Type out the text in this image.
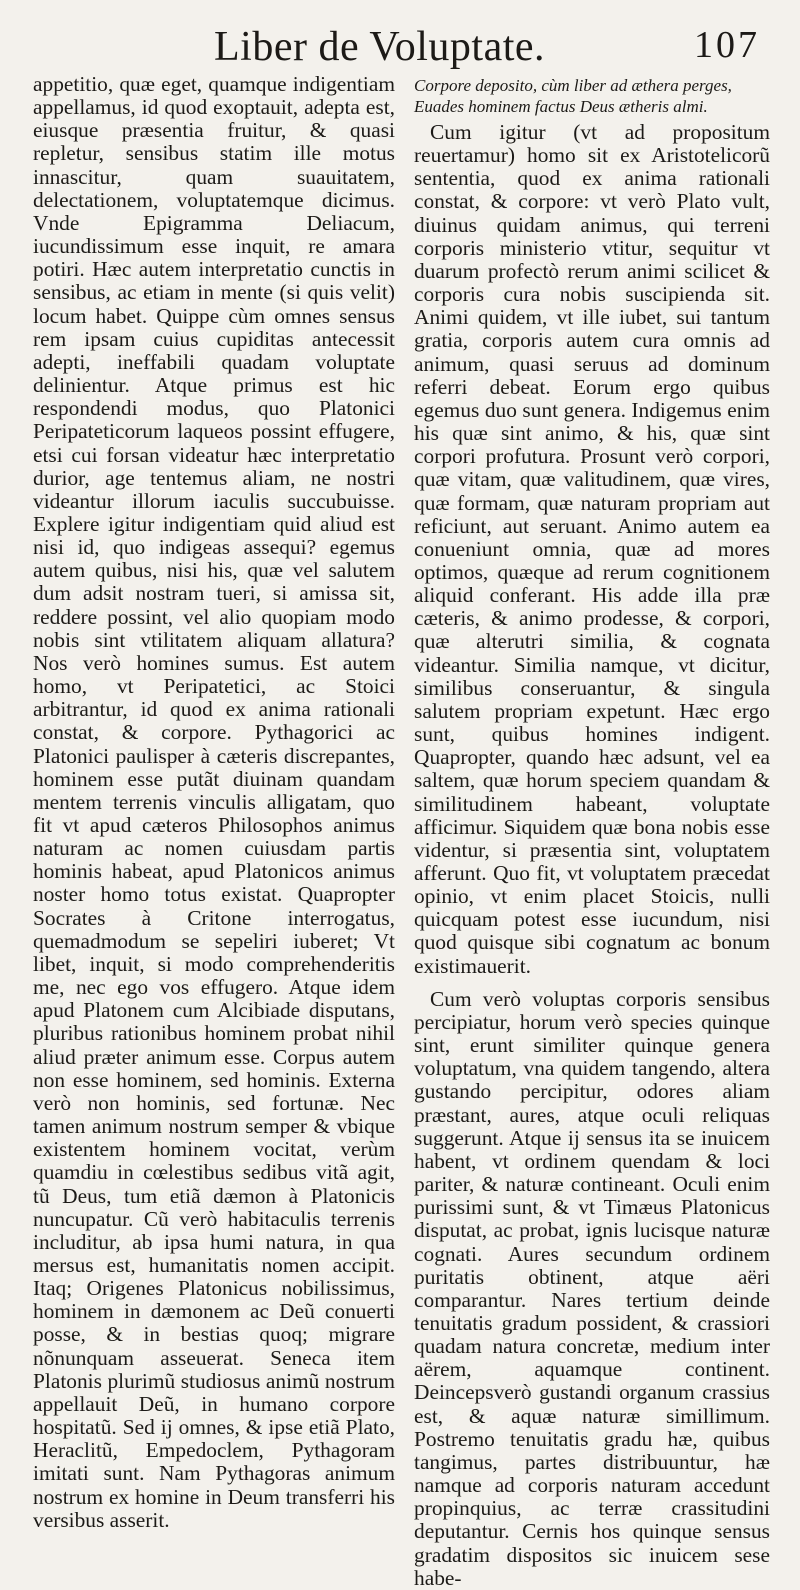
Liber de Voluptate.	107

appetitio, quæ eget, quamque indigentiam appellamus, id quod exoptauit, adepta est, eiusque præsentia fruitur, & quasi repletur, sensibus statim ille motus innascitur, quam suauitatem, delectationem, voluptatemque dicimus. Vnde Epigramma Deliacum, iucundissimum esse inquit, re amara potiri. Hæc autem interpretatio cunctis in sensibus, ac etiam in mente (si quis velit) locum habet. Quippe cùm omnes sensus rem ipsam cuius cupiditas antecessit adepti, ineffabili quadam voluptate delinientur. Atque primus est hic respondendi modus, quo Platonici Peripateticorum laqueos possint effugere, etsi cui forsan videatur hæc interpretatio durior, age tentemus aliam, ne nostri videantur illorum iaculis succubuisse. Explere igitur indigentiam quid aliud est nisi id, quo indigeas assequi? egemus autem quibus, nisi his, quæ vel salutem dum adsit nostram tueri, si amissa sit, reddere possint, vel alio quopiam modo nobis sint vtilitatem aliquam allatura? Nos verò homines sumus. Est autem homo, vt Peripatetici, ac Stoici arbitrantur, id quod ex anima rationali constat, & corpore. Pythagorici ac Platonici paulisper à cæteris discrepantes, hominem esse putãt diuinam quandam mentem terrenis vinculis alligatam, quo fit vt apud cæteros Philosophos animus naturam ac nomen cuiusdam partis hominis habeat, apud Platonicos animus noster homo totus existat. Quapropter Socrates à Critone interrogatus, quemadmodum se sepeliri iuberet; Vt libet, inquit, si modo comprehenderitis me, nec ego vos effugero. Atque idem apud Platonem cum Alcibiade disputans, pluribus rationibus hominem probat nihil aliud præter animum esse. Corpus autem non esse hominem, sed hominis. Externa verò non hominis, sed fortunæ. Nec tamen animum nostrum semper & vbique existentem hominem vocitat, verùm quamdiu in cœlestibus sedibus vitã agit, tũ Deus, tum etiã dæmon à Platonicis nuncupatur. Cũ verò habitaculis terrenis includitur, ab ipsa humi natura, in qua mersus est, humanitatis nomen accipit. Itaq; Origenes Platonicus nobilissimus, hominem in dæmonem ac Deũ conuerti posse, & in bestias quoq; migrare nõnunquam asseuerat. Seneca item Platonis plurimũ studiosus animũ nostrum appellauit Deũ, in humano corpore hospitatũ. Sed ij omnes, & ipse etiã Plato, Heraclitũ, Empedoclem, Pythagoram imitati sunt. Nam Pythagoras animum nostrum ex homine in Deum transferri his versibus asserit.

Corpore deposito, cùm liber ad æthera perges,

Euades hominem factus Deus ætheris almi.

Cum igitur (vt ad propositum reuertamur) homo sit ex Aristotelicorũ sententia, quod ex anima rationali constat, & corpore: vt verò Plato vult, diuinus quidam animus, qui terreni corporis ministerio vtitur, sequitur vt duarum profectò rerum animi scilicet & corporis cura nobis suscipienda sit. Animi quidem, vt ille iubet, sui tantum gratia, corporis autem cura omnis ad animum, quasi seruus ad dominum referri debeat. Eorum ergo quibus egemus duo sunt genera. Indigemus enim his quæ sint animo, & his, quæ sint corpori profutura. Prosunt verò corpori, quæ vitam, quæ valitudinem, quæ vires, quæ formam, quæ naturam propriam aut reficiunt, aut seruant. Animo autem ea conueniunt omnia, quæ ad mores optimos, quæque ad rerum cognitionem aliquid conferant. His adde illa præ cæteris, & animo prodesse, & corpori, quæ alterutri similia, & cognata videantur. Similia namque, vt dicitur, similibus conseruantur, & singula salutem propriam expetunt. Hæc ergo sunt, quibus homines indigent. Quapropter, quando hæc adsunt, vel ea saltem, quæ horum speciem quandam & similitudinem habeant, voluptate afficimur. Siquidem quæ bona nobis esse videntur, si præsentia sint, voluptatem afferunt. Quo fit, vt voluptatem præcedat opinio, vt enim placet Stoicis, nulli quicquam potest esse iucundum, nisi quod quisque sibi cognatum ac bonum existimauerit.

Cum verò voluptas corporis sensibus percipiatur, horum verò species quinque sint, erunt similiter quinque genera voluptatum, vna quidem tangendo, altera gustando percipitur, odores aliam præstant, aures, atque oculi reliquas suggerunt. Atque ij sensus ita se inuicem habent, vt ordinem quendam & loci pariter, & naturæ contineant. Oculi enim purissimi sunt, & vt Timæus Platonicus disputat, ac probat, ignis lucisque naturæ cognati. Aures secundum ordinem puritatis obtinent, atque aëri comparantur. Nares tertium deinde tenuitatis gradum possident, & crassiori quadam natura concretæ, medium inter aërem, aquamque continent. Deincepsverò gustandi organum crassius est, & aquæ naturæ simillimum. Postremo tenuitatis gradu hæ, quibus tangimus, partes distribuuntur, hæ namque ad corporis naturam accedunt propinquius, ac terræ crassitudini deputantur. Cernis hos quinque sensus gradatim dispositos sic inuicem sese habe-
